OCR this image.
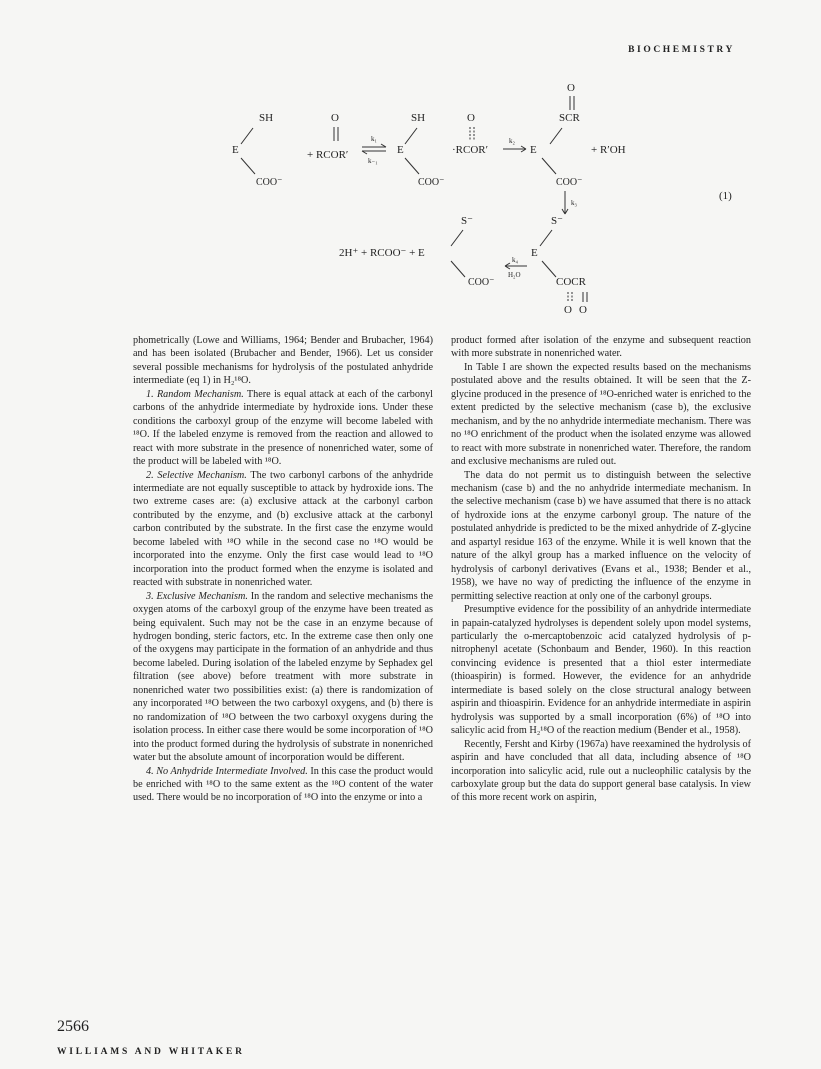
BIOCHEMISTRY
SH
E
COO⁻
O
+ RCOR′
k₁
k₋₁
SH
E
COO⁻
O
·RCOR′
k₂
O
SCR
E
COO⁻
+ R′OH
(1)
k₃
S⁻
E
COCR
O O
k₄
H₂O
S⁻
2H⁺ + RCOO⁻ + E
COO⁻

phometrically (Lowe and Williams, 1964; Bender and Brubacher, 1964) and has been isolated (Brubacher and Bender, 1966). Let us consider several possible mechanisms for hydrolysis of the postulated anhydride intermediate (eq 1) in H₂¹⁸O.

1. Random Mechanism. There is equal attack at each of the carbonyl carbons of the anhydride intermediate by hydroxide ions. Under these conditions the carboxyl group of the enzyme will become labeled with ¹⁸O. If the labeled enzyme is removed from the reaction and allowed to react with more substrate in the presence of nonenriched water, some of the product will be labeled with ¹⁸O.

2. Selective Mechanism. The two carbonyl carbons of the anhydride intermediate are not equally susceptible to attack by hydroxide ions. The two extreme cases are: (a) exclusive attack at the carbonyl carbon contributed by the enzyme, and (b) exclusive attack at the carbonyl carbon contributed by the substrate. In the first case the enzyme would become labeled with ¹⁸O while in the second case no ¹⁸O would be incorporated into the enzyme. Only the first case would lead to ¹⁸O incorporation into the product formed when the enzyme is isolated and reacted with substrate in nonenriched water.

3. Exclusive Mechanism. In the random and selective mechanisms the oxygen atoms of the carboxyl group of the enzyme have been treated as being equivalent. Such may not be the case in an enzyme because of hydrogen bonding, steric factors, etc. In the extreme case then only one of the oxygens may participate in the formation of an anhydride and thus become labeled. During isolation of the labeled enzyme by Sephadex gel filtration (see above) before treatment with more substrate in nonenriched water two possibilities exist: (a) there is randomization of any incorporated ¹⁸O between the two carboxyl oxygens, and (b) there is no randomization of ¹⁸O between the two carboxyl oxygens during the isolation process. In either case there would be some incorporation of ¹⁸O into the product formed during the hydrolysis of substrate in nonenriched water but the absolute amount of incorporation would be different.

4. No Anhydride Intermediate Involved. In this case the product would be enriched with ¹⁸O to the same extent as the ¹⁸O content of the water used. There would be no incorporation of ¹⁸O into the enzyme or into a

product formed after isolation of the enzyme and subsequent reaction with more substrate in nonenriched water.

In Table I are shown the expected results based on the mechanisms postulated above and the results obtained. It will be seen that the Z-glycine produced in the presence of ¹⁸O-enriched water is enriched to the extent predicted by the selective mechanism (case b), the exclusive mechanism, and by the no anhydride intermediate mechanism. There was no ¹⁸O enrichment of the product when the isolated enzyme was allowed to react with more substrate in nonenriched water. Therefore, the random and exclusive mechanisms are ruled out.

The data do not permit us to distinguish between the selective mechanism (case b) and the no anhydride intermediate mechanism. In the selective mechanism (case b) we have assumed that there is no attack of hydroxide ions at the enzyme carbonyl group. The nature of the postulated anhydride is predicted to be the mixed anhydride of Z-glycine and aspartyl residue 163 of the enzyme. While it is well known that the nature of the alkyl group has a marked influence on the velocity of hydrolysis of carbonyl derivatives (Evans et al., 1938; Bender et al., 1958), we have no way of predicting the influence of the enzyme in permitting selective reaction at only one of the carbonyl groups.

Presumptive evidence for the possibility of an anhydride intermediate in papain-catalyzed hydrolyses is dependent solely upon model systems, particularly the o-mercaptobenzoic acid catalyzed hydrolysis of p-nitrophenyl acetate (Schonbaum and Bender, 1960). In this reaction convincing evidence is presented that a thiol ester intermediate (thioaspirin) is formed. However, the evidence for an anhydride intermediate is based solely on the close structural analogy between aspirin and thioaspirin. Evidence for an anhydride intermediate in aspirin hydrolysis was supported by a small incorporation (6%) of ¹⁸O into salicylic acid from H₂¹⁸O of the reaction medium (Bender et al., 1958).

Recently, Fersht and Kirby (1967a) have reexamined the hydrolysis of aspirin and have concluded that all data, including absence of ¹⁸O incorporation into salicylic acid, rule out a nucleophilic catalysis by the carboxylate group but the data do support general base catalysis. In view of this more recent work on aspirin,

2566
WILLIAMS AND WHITAKER
